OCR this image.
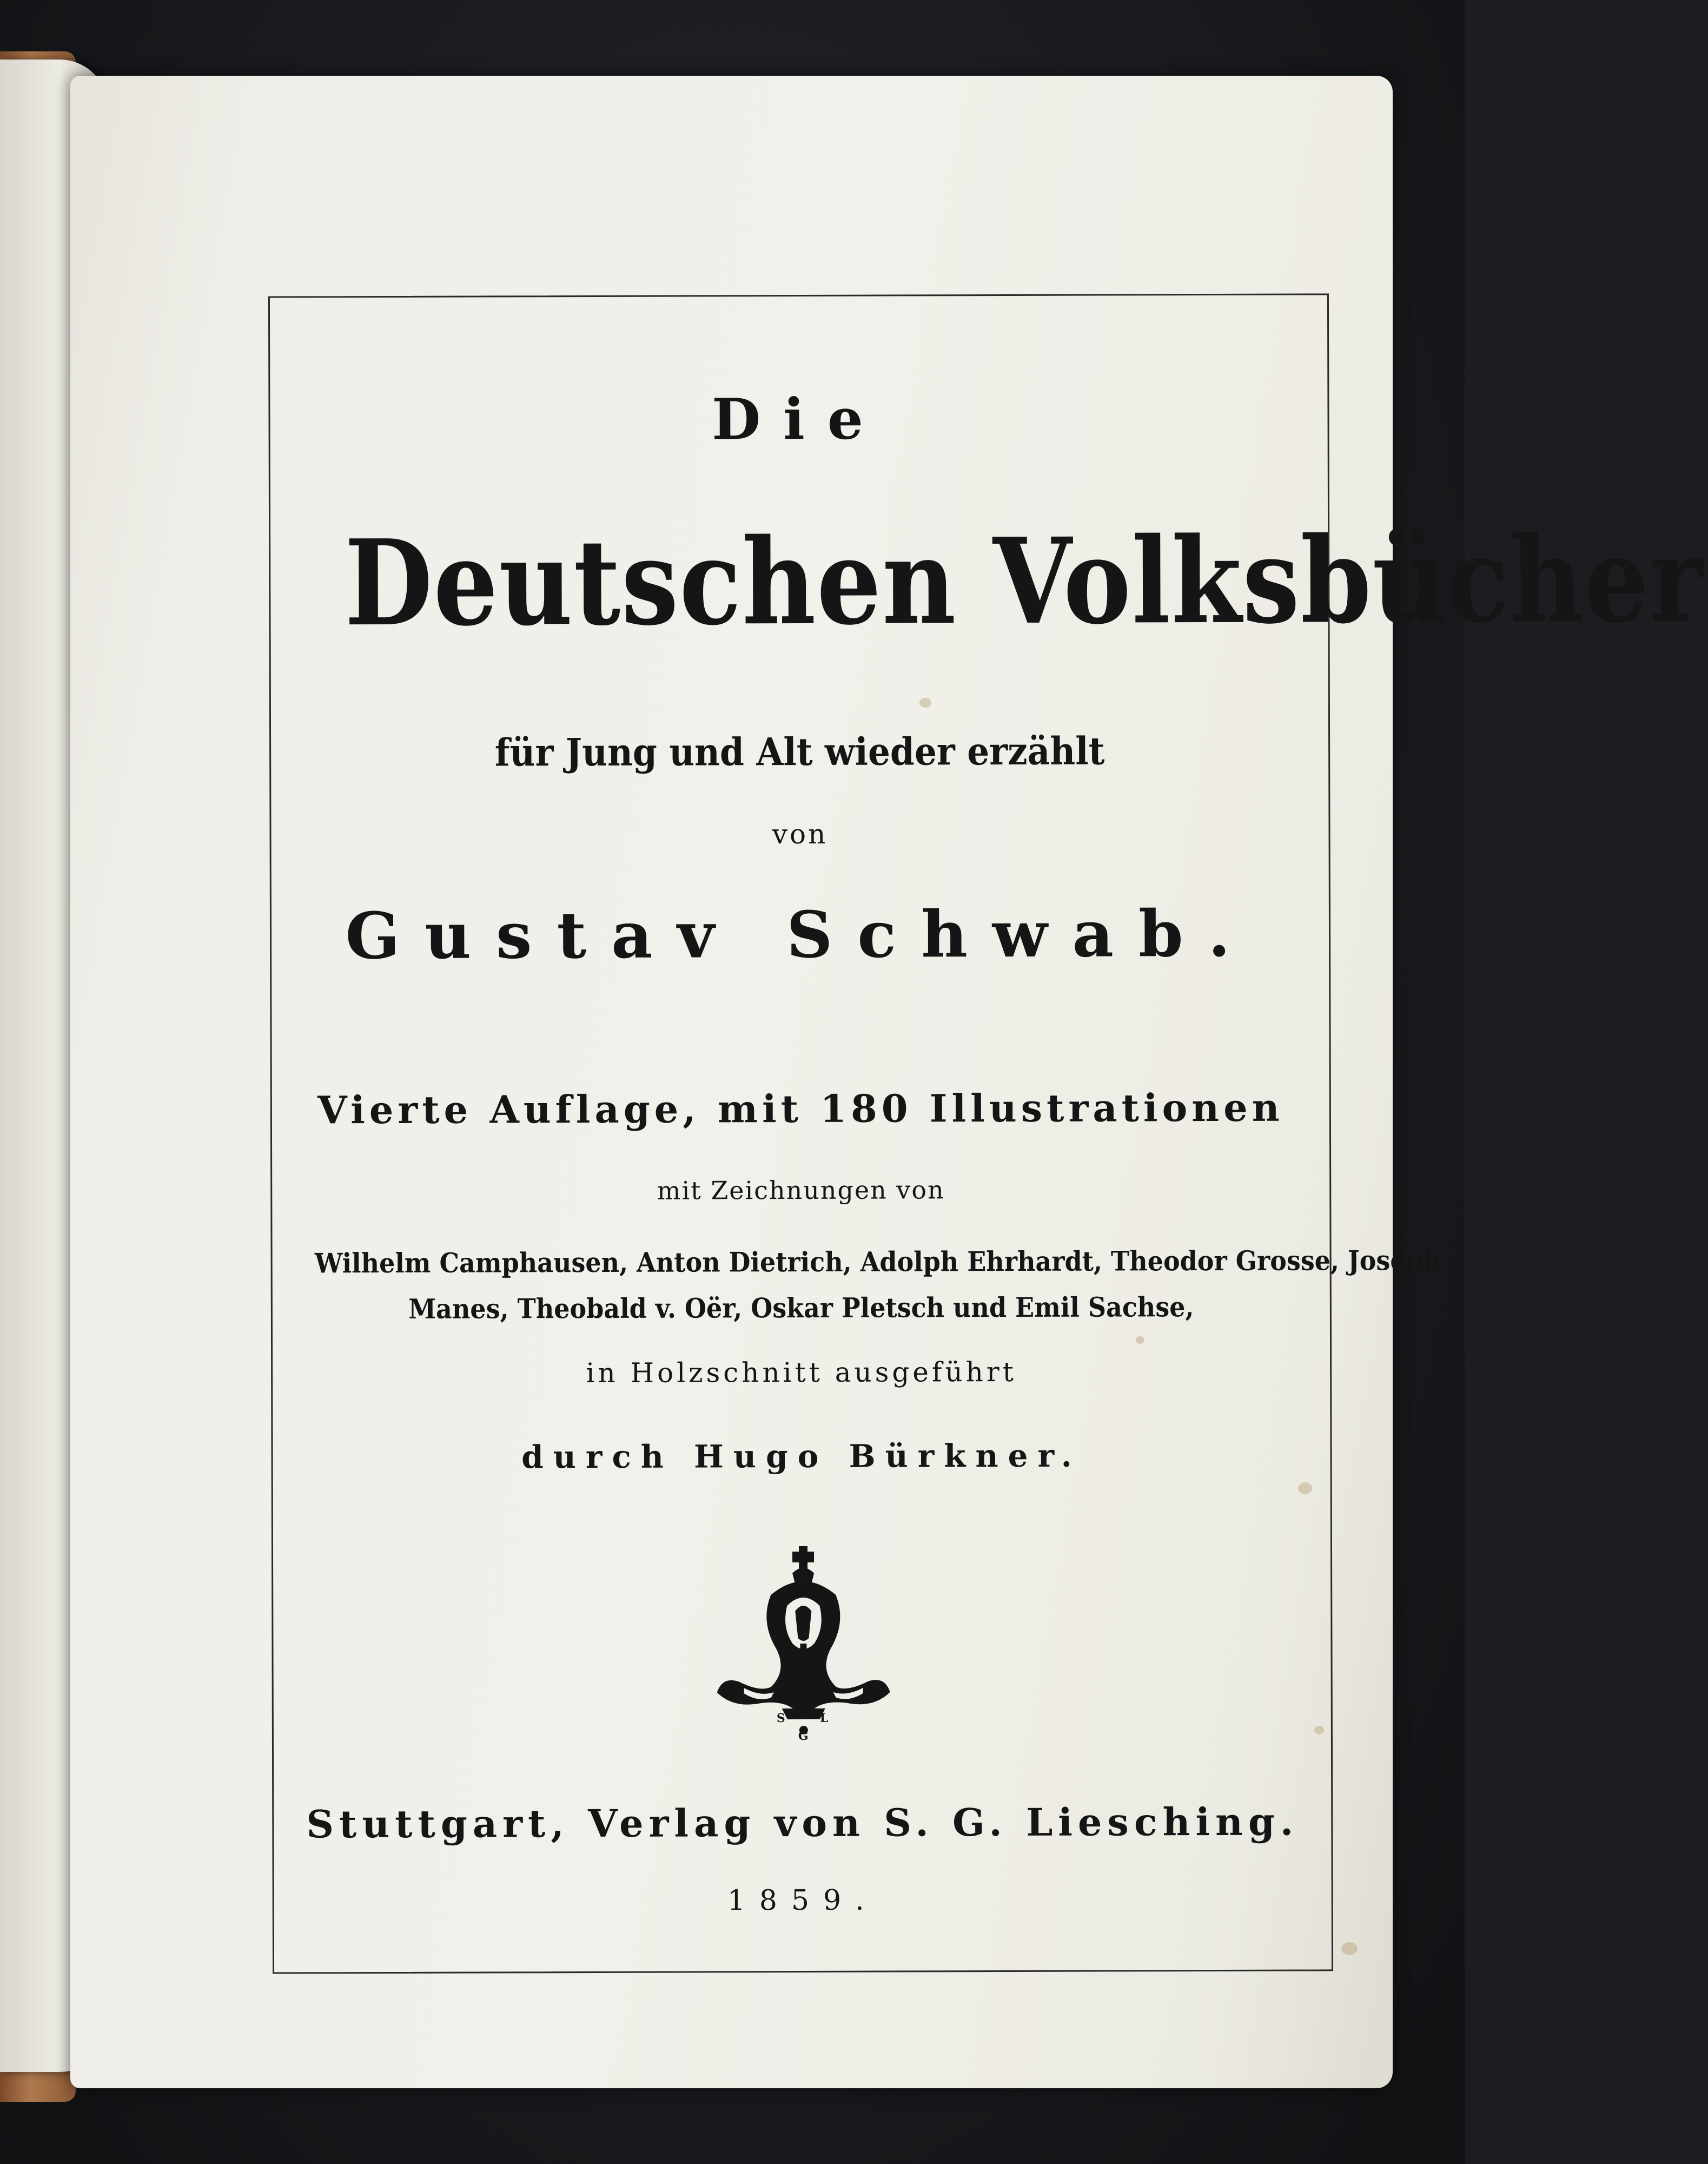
Die
Deutschen Volksbücher
für Jung und Alt wieder erzählt
von
Gustav Schwab.
Vierte Auflage, mit 180 Illustrationen
mit Zeichnungen von
Wilhelm Camphausen, Anton Dietrich, Adolph Ehrhardt, Theodor Grosse, Joseph
Manes, Theobald v. Oër, Oskar Pletsch und Emil Sachse,
in Holzschnitt ausgeführt
durch Hugo Bürkner.
S
G
L
Stuttgart, Verlag von S. G. Liesching.
1859.
